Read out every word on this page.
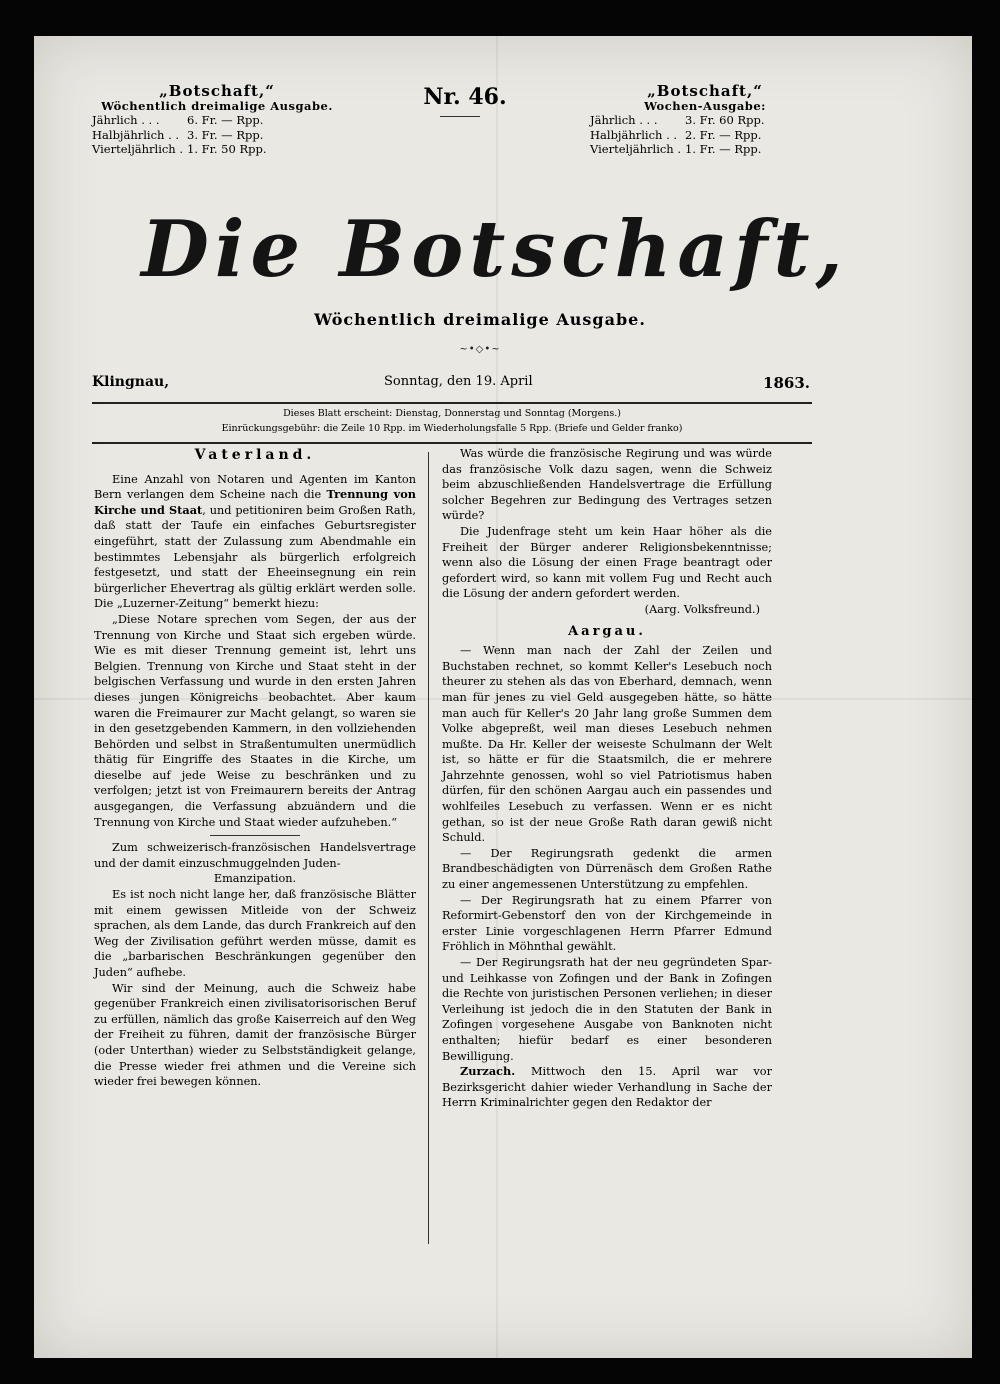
„Botschaft,“
Wöchentlich dreimalige Ausgabe.
Jährlich . . .	6. Fr. — Rpp.
Halbjährlich . .	3. Fr. — Rpp.
Vierteljährlich .	1. Fr. 50 Rpp.
Nr. 46.	„Botschaft,“
Wochen-Ausgabe:
Jährlich . . .	3. Fr. 60 Rpp.
Halbjährlich . .	2. Fr. — Rpp.
Vierteljährlich .	1. Fr. — Rpp.
Die Botschaft,
Wöchentlich dreimalige Ausgabe.
~•◇•~
Klingnau,	Sonntag, den 19. April	1863.
Dieses Blatt erscheint: Dienstag, Donnerstag und Sonntag (Morgens.)
Einrückungsgebühr: die Zeile 10 Rpp. im Wiederholungsfalle 5 Rpp. (Briefe und Gelder franko)
Vaterland.

Eine Anzahl von Notaren und Agenten im Kanton Bern verlangen dem Scheine nach die Trennung von Kirche und Staat, und petitioniren beim Großen Rath, daß statt der Taufe ein einfaches Geburtsregister eingeführt, statt der Zulassung zum Abendmahle ein bestimmtes Lebensjahr als bürgerlich erfolgreich festgesetzt, und statt der Eheeinsegnung ein rein bürgerlicher Ehevertrag als gültig erklärt werden solle. Die „Luzerner-Zeitung“ bemerkt hiezu:

„Diese Notare sprechen vom Segen, der aus der Trennung von Kirche und Staat sich ergeben würde. Wie es mit dieser Trennung gemeint ist, lehrt uns Belgien. Trennung von Kirche und Staat steht in der belgischen Verfassung und wurde in den ersten Jahren dieses jungen Königreichs beobachtet. Aber kaum waren die Freimaurer zur Macht gelangt, so waren sie in den gesetzgebenden Kammern, in den vollziehenden Behörden und selbst in Straßentumulten unermüdlich thätig für Eingriffe des Staates in die Kirche, um dieselbe auf jede Weise zu beschränken und zu verfolgen; jetzt ist von Freimaurern bereits der Antrag ausgegangen, die Verfassung abzuändern und die Trennung von Kirche und Staat wieder aufzuheben.“

Zum schweizerisch-französischen Handelsvertrage und der damit einzuschmuggelnden Juden-

Emanzipation.

Es ist noch nicht lange her, daß französische Blätter mit einem gewissen Mitleide von der Schweiz sprachen, als dem Lande, das durch Frankreich auf den Weg der Zivilisation geführt werden müsse, damit es die „barbarischen Beschränkungen gegenüber den Juden“ aufhebe.

Wir sind der Meinung, auch die Schweiz habe gegenüber Frankreich einen zivilisatorisorischen Beruf zu erfüllen, nämlich das große Kaiserreich auf den Weg der Freiheit zu führen, damit der französische Bürger (oder Unterthan) wieder zu Selbstständigkeit gelange, die Presse wieder frei athmen und die Vereine sich wieder frei bewegen können.

Was würde die französische Regirung und was würde das französische Volk dazu sagen, wenn die Schweiz beim abzuschließenden Handelsvertrage die Erfüllung solcher Begehren zur Bedingung des Vertrages setzen würde?

Die Judenfrage steht um kein Haar höher als die Freiheit der Bürger anderer Religionsbekenntnisse; wenn also die Lösung der einen Frage beantragt oder gefordert wird, so kann mit vollem Fug und Recht auch die Lösung der andern gefordert werden.

(Aarg. Volksfreund.)

Aargau.

— Wenn man nach der Zahl der Zeilen und Buchstaben rechnet, so kommt Keller's Lesebuch noch theurer zu stehen als das von Eberhard, demnach, wenn man für jenes zu viel Geld ausgegeben hätte, so hätte man auch für Keller's 20 Jahr lang große Summen dem Volke abgepreßt, weil man dieses Lesebuch nehmen mußte. Da Hr. Keller der weiseste Schulmann der Welt ist, so hätte er für die Staatsmilch, die er mehrere Jahrzehnte genossen, wohl so viel Patriotismus haben dürfen, für den schönen Aargau auch ein passendes und wohlfeiles Lesebuch zu verfassen. Wenn er es nicht gethan, so ist der neue Große Rath daran gewiß nicht Schuld.

— Der Regirungsrath gedenkt die armen Brandbeschädigten von Dürrenäsch dem Großen Rathe zu einer angemessenen Unterstützung zu empfehlen.

— Der Regirungsrath hat zu einem Pfarrer von Reformirt-Gebenstorf den von der Kirchgemeinde in erster Linie vorgeschlagenen Herrn Pfarrer Edmund Fröhlich in Möhnthal gewählt.

— Der Regirungsrath hat der neu gegründeten Spar- und Leihkasse von Zofingen und der Bank in Zofingen die Rechte von juristischen Personen verliehen; in dieser Verleihung ist jedoch die in den Statuten der Bank in Zofingen vorgesehene Ausgabe von Banknoten nicht enthalten; hiefür bedarf es einer besonderen Bewilligung.

Zurzach. Mittwoch den 15. April war vor Bezirksgericht dahier wieder Verhandlung in Sache der Herrn Kriminalrichter gegen den Redaktor der
